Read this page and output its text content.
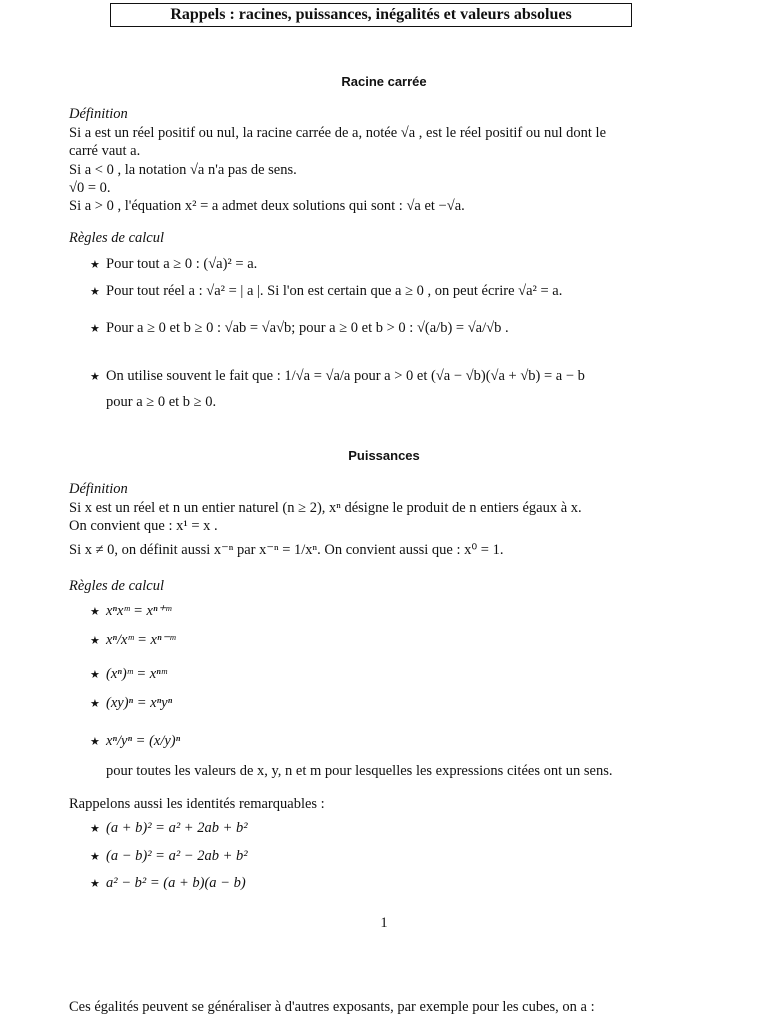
Rappels : racines, puissances, inégalités et valeurs absolues
Racine carrée
Définition
Si a est un réel positif ou nul, la racine carrée de a, notée √a , est le réel positif ou nul dont le
carré vaut a.
Si a < 0 , la notation √a n'a pas de sens.
√0 = 0.
Si a > 0 , l'équation x² = a admet deux solutions qui sont : √a et −√a.
Règles de calcul
★ Pour tout a ≥ 0 : (√a)² = a.
★ Pour tout réel a : √a² = | a |. Si l'on est certain que a ≥ 0 , on peut écrire √a² = a.
★ Pour a ≥ 0 et b ≥ 0 : √ab = √a√b; pour a ≥ 0 et b > 0 : √(a/b) = √a/√b .
★ On utilise souvent le fait que : 1/√a = √a/a pour a > 0 et (√a − √b)(√a + √b) = a − b
pour a ≥ 0 et b ≥ 0.
Puissances
Définition
Si x est un réel et n un entier naturel (n ≥ 2), xⁿ désigne le produit de n entiers égaux à x.
On convient que : x¹ = x .
Si x ≠ 0, on définit aussi x⁻ⁿ par x⁻ⁿ = 1/xⁿ. On convient aussi que : x⁰ = 1.
Règles de calcul
★ xⁿxᵐ = xⁿ⁺ᵐ
★ xⁿ/xᵐ = xⁿ⁻ᵐ
★ (xⁿ)ᵐ = xⁿᵐ
★ (xy)ⁿ = xⁿyⁿ
★ xⁿ/yⁿ = (x/y)ⁿ
pour toutes les valeurs de x, y, n et m pour lesquelles les expressions citées ont un sens.
Rappelons aussi les identités remarquables :
★ (a + b)² = a² + 2ab + b²
★ (a − b)² = a² − 2ab + b²
★ a² − b² = (a + b)(a − b)
1
Ces égalités peuvent se généraliser à d'autres exposants, par exemple pour les cubes, on a :
